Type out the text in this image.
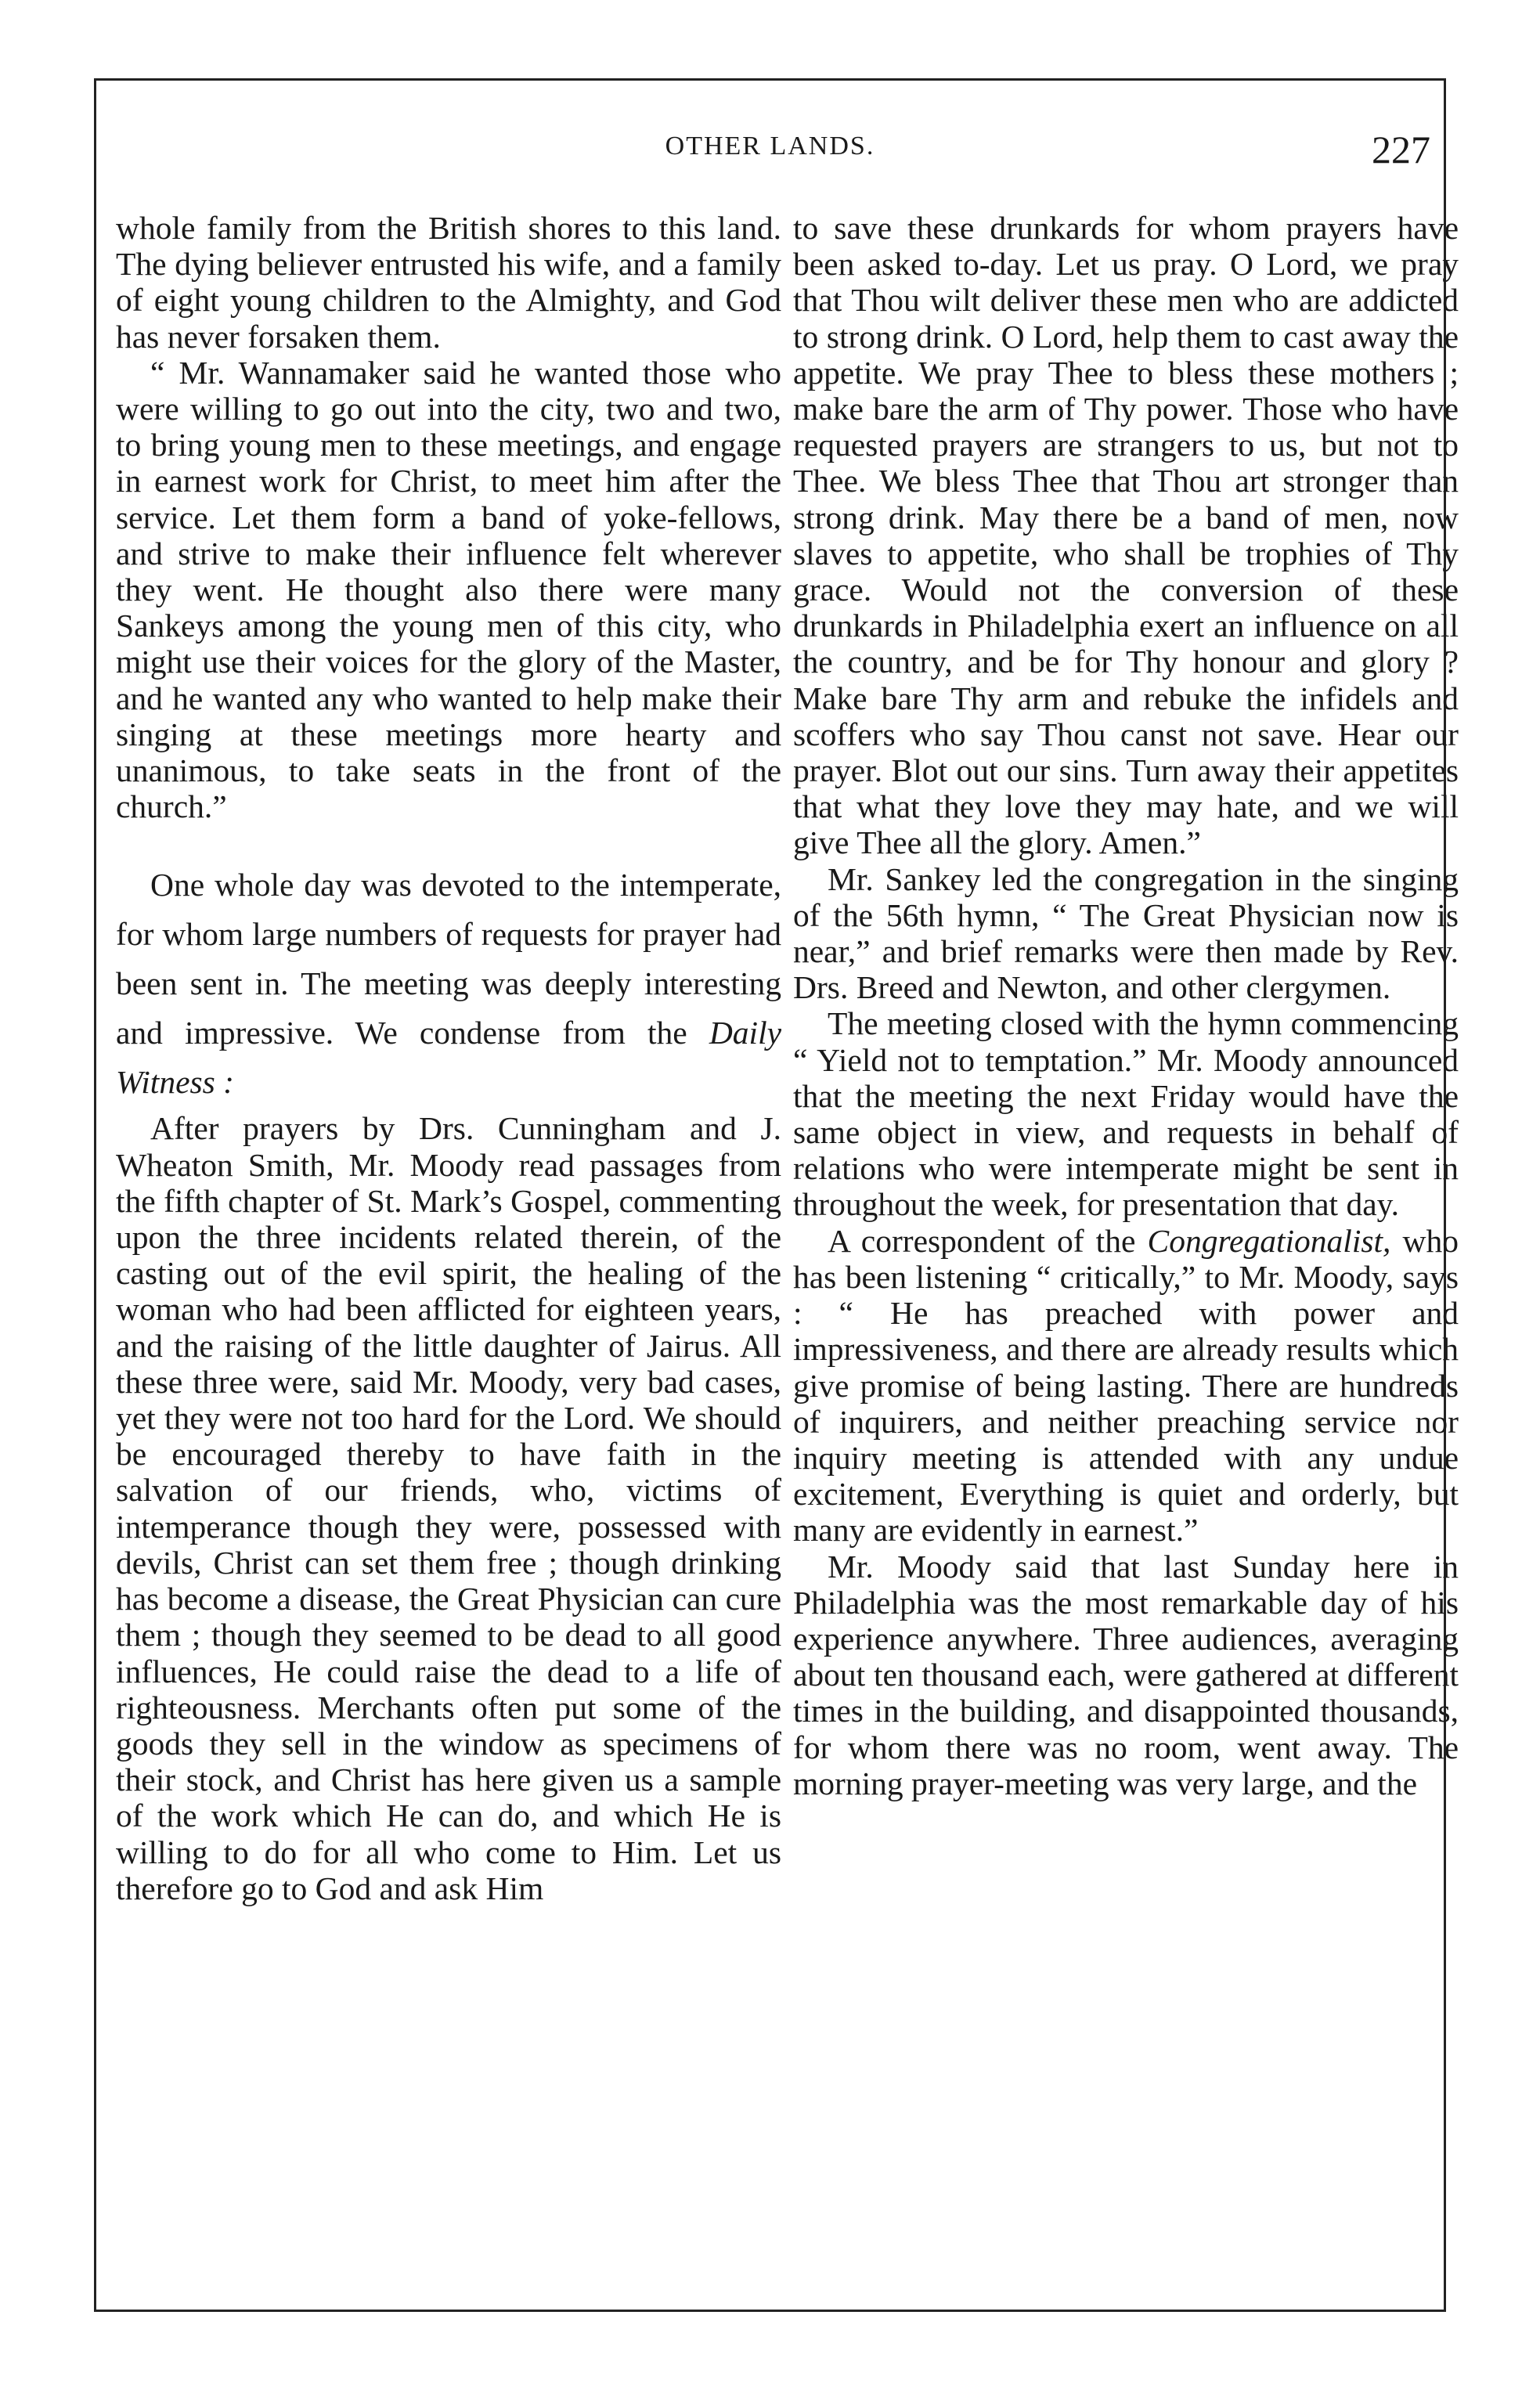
OTHER LANDS.	227

whole family from the British shores to this land. The dying believer entrusted his wife, and a family of eight young children to the Almighty, and God has never forsaken them.

“ Mr. Wannamaker said he wanted those who were willing to go out into the city, two and two, to bring young men to these meetings, and engage in earnest work for Christ, to meet him after the service. Let them form a band of yoke-fellows, and strive to make their influence felt wherever they went. He thought also there were many Sankeys among the young men of this city, who might use their voices for the glory of the Master, and he wanted any who wanted to help make their singing at these meetings more hearty and unanimous, to take seats in the front of the church.”

One whole day was devoted to the intemperate, for whom large numbers of requests for prayer had been sent in. The meeting was deeply interesting and impressive. We condense from the Daily Witness :

After prayers by Drs. Cunningham and J. Wheaton Smith, Mr. Moody read passages from the fifth chapter of St. Mark’s Gospel, commenting upon the three incidents related therein, of the casting out of the evil spirit, the healing of the woman who had been afflicted for eighteen years, and the raising of the little daughter of Jairus. All these three were, said Mr. Moody, very bad cases, yet they were not too hard for the Lord. We should be encouraged thereby to have faith in the salvation of our friends, who, victims of intemperance though they were, possessed with devils, Christ can set them free ; though drinking has become a disease, the Great Physician can cure them ; though they seemed to be dead to all good influences, He could raise the dead to a life of righteousness. Merchants often put some of the goods they sell in the window as specimens of their stock, and Christ has here given us a sample of the work which He can do, and which He is willing to do for all who come to Him. Let us therefore go to God and ask Him

to save these drunkards for whom prayers have been asked to-day. Let us pray. O Lord, we pray that Thou wilt deliver these men who are addicted to strong drink. O Lord, help them to cast away the appetite. We pray Thee to bless these mothers ; make bare the arm of Thy power. Those who have requested prayers are strangers to us, but not to Thee. We bless Thee that Thou art stronger than strong drink. May there be a band of men, now slaves to appetite, who shall be trophies of Thy grace. Would not the conversion of these drunkards in Philadelphia exert an influence on all the country, and be for Thy honour and glory ? Make bare Thy arm and rebuke the infidels and scoffers who say Thou canst not save. Hear our prayer. Blot out our sins. Turn away their appetites that what they love they may hate, and we will give Thee all the glory. Amen.”

Mr. Sankey led the congregation in the singing of the 56th hymn, “ The Great Physician now is near,” and brief remarks were then made by Rev. Drs. Breed and Newton, and other clergymen.

The meeting closed with the hymn commencing “ Yield not to temptation.” Mr. Moody announced that the meeting the next Friday would have the same object in view, and requests in behalf of relations who were intemperate might be sent in throughout the week, for presentation that day.

A correspondent of the Congregationalist, who has been listening “ critically,” to Mr. Moody, says : “ He has preached with power and impressiveness, and there are already results which give promise of being lasting. There are hundreds of inquirers, and neither preaching service nor inquiry meeting is attended with any undue excitement, Everything is quiet and orderly, but many are evidently in earnest.”

Mr. Moody said that last Sunday here in Philadelphia was the most remarkable day of his experience anywhere. Three audiences, averaging about ten thousand each, were gathered at different times in the building, and disappointed thousands, for whom there was no room, went away. The morning prayer-meeting was very large, and the
